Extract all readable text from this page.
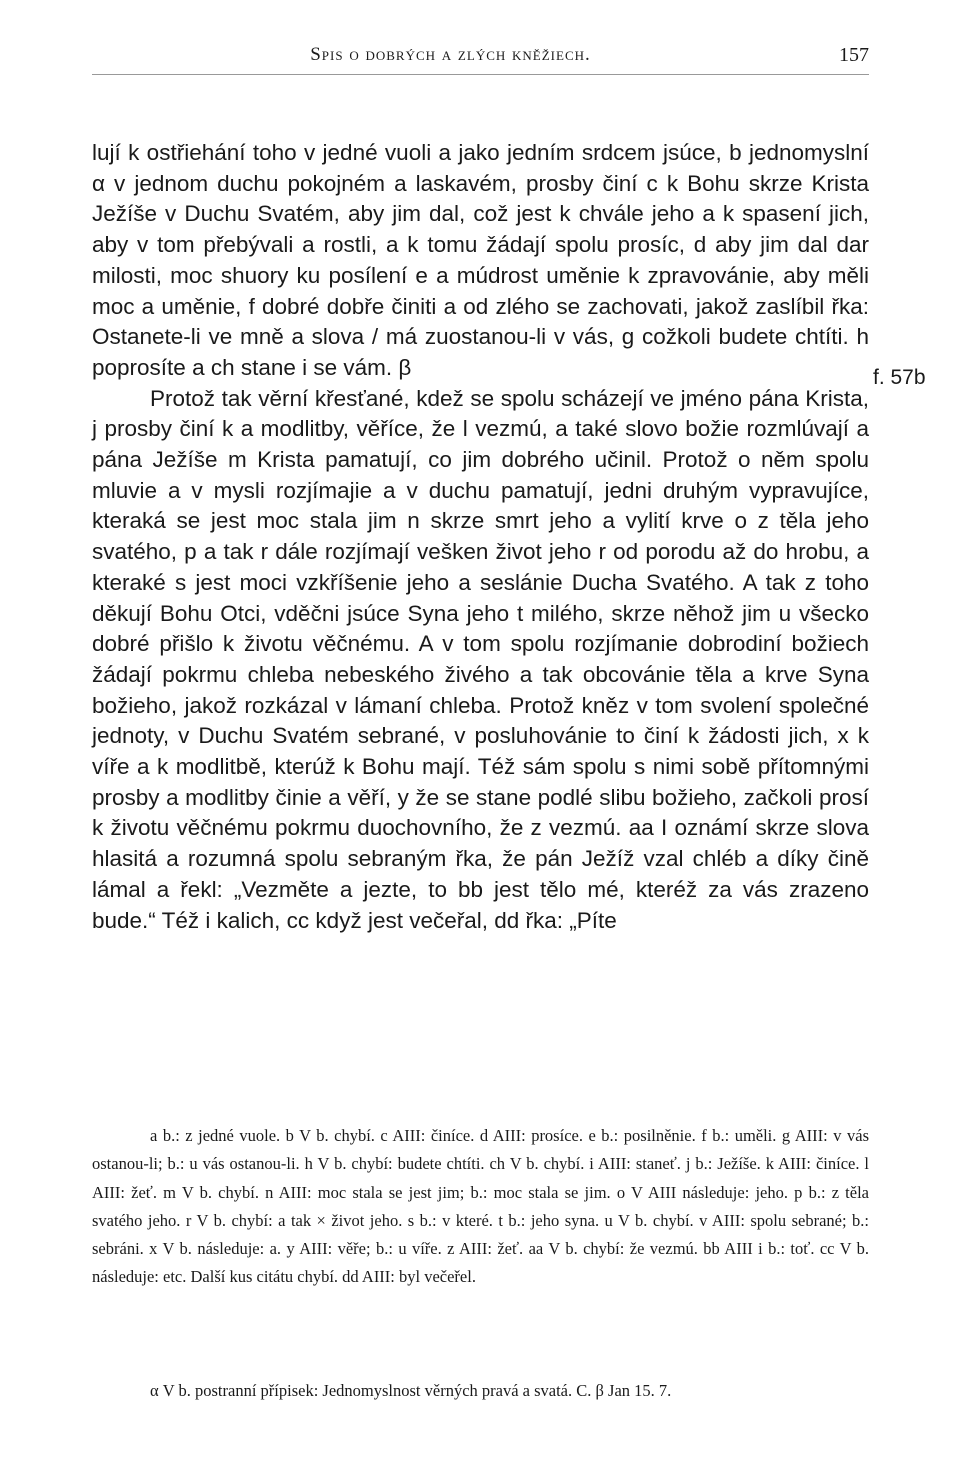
Spis o dobrých a zlých kněžiech.	157
f. 57b

lují k ostřiehání toho v jedné vuoli a jako jedním srdcem jsúce, b jednomyslní α v jednom duchu pokojném a laskavém, prosby činí c k Bohu skrze Krista Ježíše v Duchu Svatém, aby jim dal, což jest k chvále jeho a k spasení jich, aby v tom přebývali a rostli, a k tomu žádají spolu prosíc, d aby jim dal dar milosti, moc shuory ku posílení e a múdrost uměnie k zpravovánie, aby měli moc a uměnie, f dobré dobře činiti a od zlého se zachovati, jakož zaslíbil řka: Ostanete-li ve mně a slova / má zuostanou-li v vás, g cožkoli budete chtíti. h poprosíte a ch stane i se vám. β

Protož tak věrní křesťané, kdež se spolu scházejí ve jméno pána Krista, j prosby činí k a modlitby, věříce, že l vezmú, a také slovo božie rozmlúvají a pána Ježíše m Krista pamatují, co jim dobrého učinil. Protož o něm spolu mluvie a v mysli rozjímajie a v duchu pamatují, jedni druhým vypravujíce, kteraká se jest moc stala jim n skrze smrt jeho a vylití krve o z těla jeho svatého, p a tak r dále rozjímají vešken život jeho r od porodu až do hrobu, a kteraké s jest moci vzkříšenie jeho a seslánie Ducha Svatého. A tak z toho děkují Bohu Otci, vděčni jsúce Syna jeho t milého, skrze něhož jim u všecko dobré přišlo k životu věčnému. A v tom spolu rozjímanie dobrodiní božiech žádají pokrmu chleba nebeského živého a tak obcovánie těla a krve Syna božieho, jakož rozkázal v lámaní chleba. Protož kněz v tom svolení společné jednoty, v Duchu Svatém sebrané, v posluhovánie to činí k žádosti jich, x k víře a k modlitbě, kterúž k Bohu mají. Též sám spolu s nimi sobě přítomnými prosby a modlitby činie a věří, y že se stane podlé slibu božieho, začkoli prosí k životu věčnému pokrmu duochovního, že z vezmú. aa I oznámí skrze slova hlasitá a rozumná spolu sebraným řka, že pán Ježíž vzal chléb a díky čině lámal a řekl: „Vezměte a jezte, to bb jest tělo mé, kteréž za vás zrazeno bude.“ Též i kalich, cc když jest večeřal, dd řka: „Píte

a b.: z jedné vuole. b V b. chybí. c AIII: činíce. d AIII: prosíce. e b.: posilněnie. f b.: uměli. g AIII: v vás ostanou-li; b.: u vás ostanou-li. h V b. chybí: budete chtíti. ch V b. chybí. i AIII: staneť. j b.: Ježíše. k AIII: činíce. l AIII: žeť. m V b. chybí. n AIII: moc stala se jest jim; b.: moc stala se jim. o V AIII následuje: jeho. p b.: z těla svatého jeho. r V b. chybí: a tak × život jeho. s b.: v které. t b.: jeho syna. u V b. chybí. v AIII: spolu sebrané; b.: sebráni. x V b. následuje: a. y AIII: věře; b.: u víře. z AIII: žeť. aa V b. chybí: že vezmú. bb AIII i b.: toť. cc V b. následuje: etc. Další kus citátu chybí. dd AIII: byl večeřel.

α V b. postranní přípisek: Jednomyslnost věrných pravá a svatá. C. β Jan 15. 7.
